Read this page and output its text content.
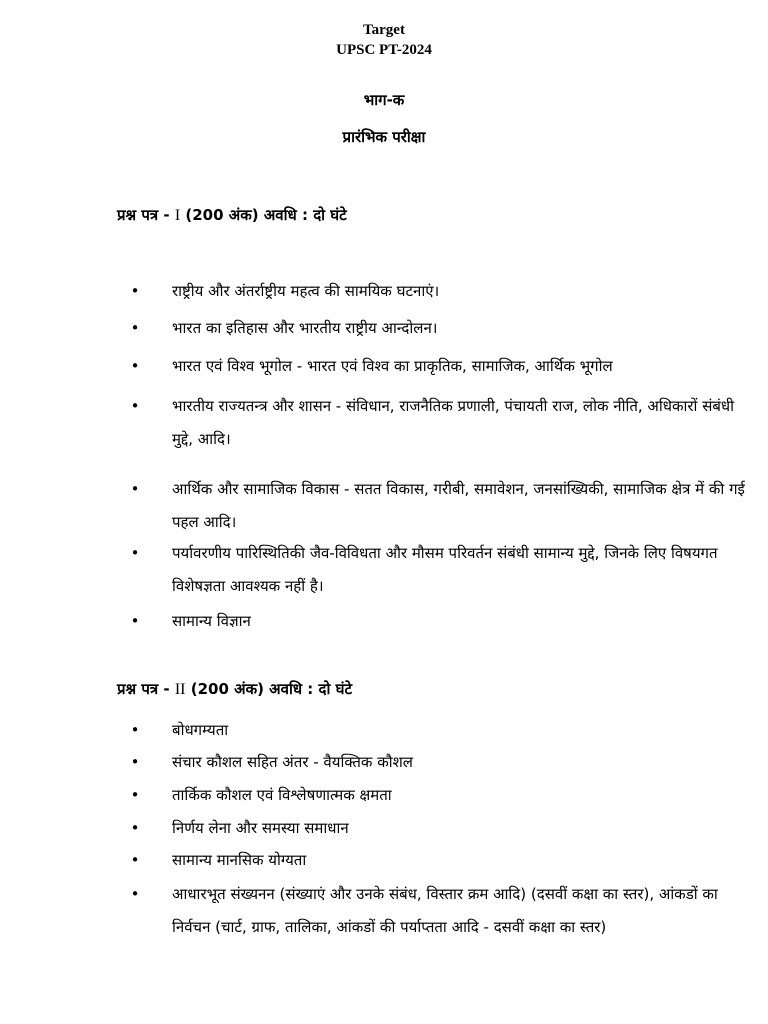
Target
UPSC PT-2024
भाग-क
प्रारंभिक परीक्षा
प्रश्न पत्र - I (200 अंक) अवधि : दो घंटे
• राष्ट्रीय और अंतर्राष्ट्रीय महत्व की सामयिक घटनाएं।
• भारत का इतिहास और भारतीय राष्ट्रीय आन्दोलन।
• भारत एवं विश्व भूगोल - भारत एवं विश्व का प्राकृतिक, सामाजिक, आर्थिक भूगोल
• भारतीय राज्यतन्त्र और शासन - संविधान, राजनैतिक प्रणाली, पंचायती राज, लोक नीति, अधिकारों संबंधी मुद्दे, आदि।
• आर्थिक और सामाजिक विकास - सतत विकास, गरीबी, समावेशन, जनसांख्यिकी, सामाजिक क्षेत्र में की गई पहल आदि।
• पर्यावरणीय पारिस्थितिकी जैव-विविधता और मौसम परिवर्तन संबंधी सामान्य मुद्दे, जिनके लिए विषयगत विशेषज्ञता आवश्यक नहीं है।
• सामान्य विज्ञान
प्रश्न पत्र - II (200 अंक) अवधि : दो घंटे
• बोधगम्यता
• संचार कौशल सहित अंतर - वैयक्तिक कौशल
• तार्किक कौशल एवं विश्लेषणात्मक क्षमता
• निर्णय लेना और समस्या समाधान
• सामान्य मानसिक योग्यता
• आधारभूत संख्यनन (संख्याएं और उनके संबंध, विस्तार क्रम आदि) (दसवीं कक्षा का स्तर), आंकडों का निर्वचन (चार्ट, ग्राफ, तालिका, आंकडों की पर्याप्तता आदि - दसवीं कक्षा का स्तर)
